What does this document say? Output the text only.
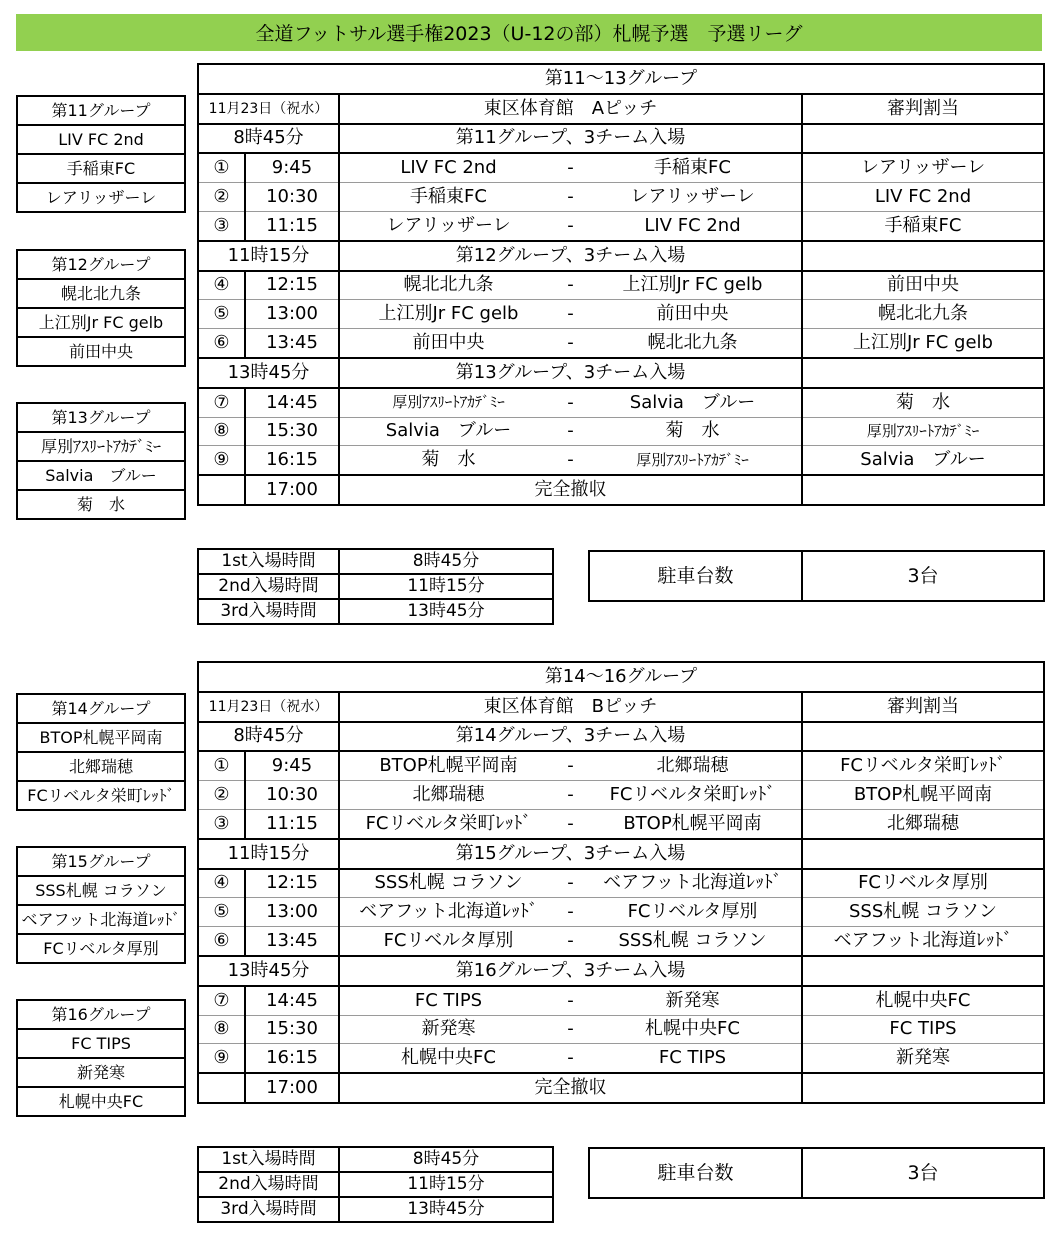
全道フットサル選手権2023（U-12の部）札幌予選　予選リーグ
第11グループ
LIV FC 2nd
手稲東FC
レアリッザーレ
第12グループ
幌北北九条
上江別Jr FC gelb
前田中央
第13グループ
厚別ｱｽﾘｰﾄｱｶﾃﾞﾐｰ
Salvia　ブルー
菊　水
第11～13グループ			
11月23日（祝水）		東区体育館　Aピッチ	審判割当
8時45分		第11グループ、3チーム入場	
①	9:45	LIV FC 2nd - 手稲東FC	レアリッザーレ
②	10:30	手稲東FC - レアリッザーレ	LIV FC 2nd
③	11:15	レアリッザーレ - LIV FC 2nd	手稲東FC
11時15分		第12グループ、3チーム入場	
④	12:15	幌北北九条 - 上江別Jr FC gelb	前田中央
⑤	13:00	上江別Jr FC gelb - 前田中央	幌北北九条
⑥	13:45	前田中央 - 幌北北九条	上江別Jr FC gelb
13時45分		第13グループ、3チーム入場	
⑦	14:45	厚別ｱｽﾘｰﾄｱｶﾃﾞﾐｰ - Salvia　ブルー	菊　水
⑧	15:30	Salvia　ブルー - 菊　水	厚別ｱｽﾘｰﾄｱｶﾃﾞﾐｰ
⑨	16:15	菊　水 - 厚別ｱｽﾘｰﾄｱｶﾃﾞﾐｰ	Salvia　ブルー
	17:00	完全撤収	
1st入場時間	8時45分
2nd入場時間	11時15分
3rd入場時間	13時45分
駐車台数	3台
第14グループ
BTOP札幌平岡南
北郷瑞穂
FCリベルタ栄町ﾚｯﾄﾞ
第15グループ
SSS札幌 コラソン
ベアフット北海道ﾚｯﾄﾞ
FCリベルタ厚別
第16グループ
FC TIPS
新発寒
札幌中央FC
第14～16グループ			
11月23日（祝水）		東区体育館　Bピッチ	審判割当
8時45分		第14グループ、3チーム入場	
①	9:45	BTOP札幌平岡南 - 北郷瑞穂	FCリベルタ栄町ﾚｯﾄﾞ
②	10:30	北郷瑞穂 - FCリベルタ栄町ﾚｯﾄﾞ	BTOP札幌平岡南
③	11:15	FCリベルタ栄町ﾚｯﾄﾞ - BTOP札幌平岡南	北郷瑞穂
11時15分		第15グループ、3チーム入場	
④	12:15	SSS札幌 コラソン - ベアフット北海道ﾚｯﾄﾞ	FCリベルタ厚別
⑤	13:00	ベアフット北海道ﾚｯﾄﾞ - FCリベルタ厚別	SSS札幌 コラソン
⑥	13:45	FCリベルタ厚別 - SSS札幌 コラソン	ベアフット北海道ﾚｯﾄﾞ
13時45分		第16グループ、3チーム入場	
⑦	14:45	FC TIPS - 新発寒	札幌中央FC
⑧	15:30	新発寒 - 札幌中央FC	FC TIPS
⑨	16:15	札幌中央FC - FC TIPS	新発寒
	17:00	完全撤収	
1st入場時間	8時45分
2nd入場時間	11時15分
3rd入場時間	13時45分
駐車台数	3台
